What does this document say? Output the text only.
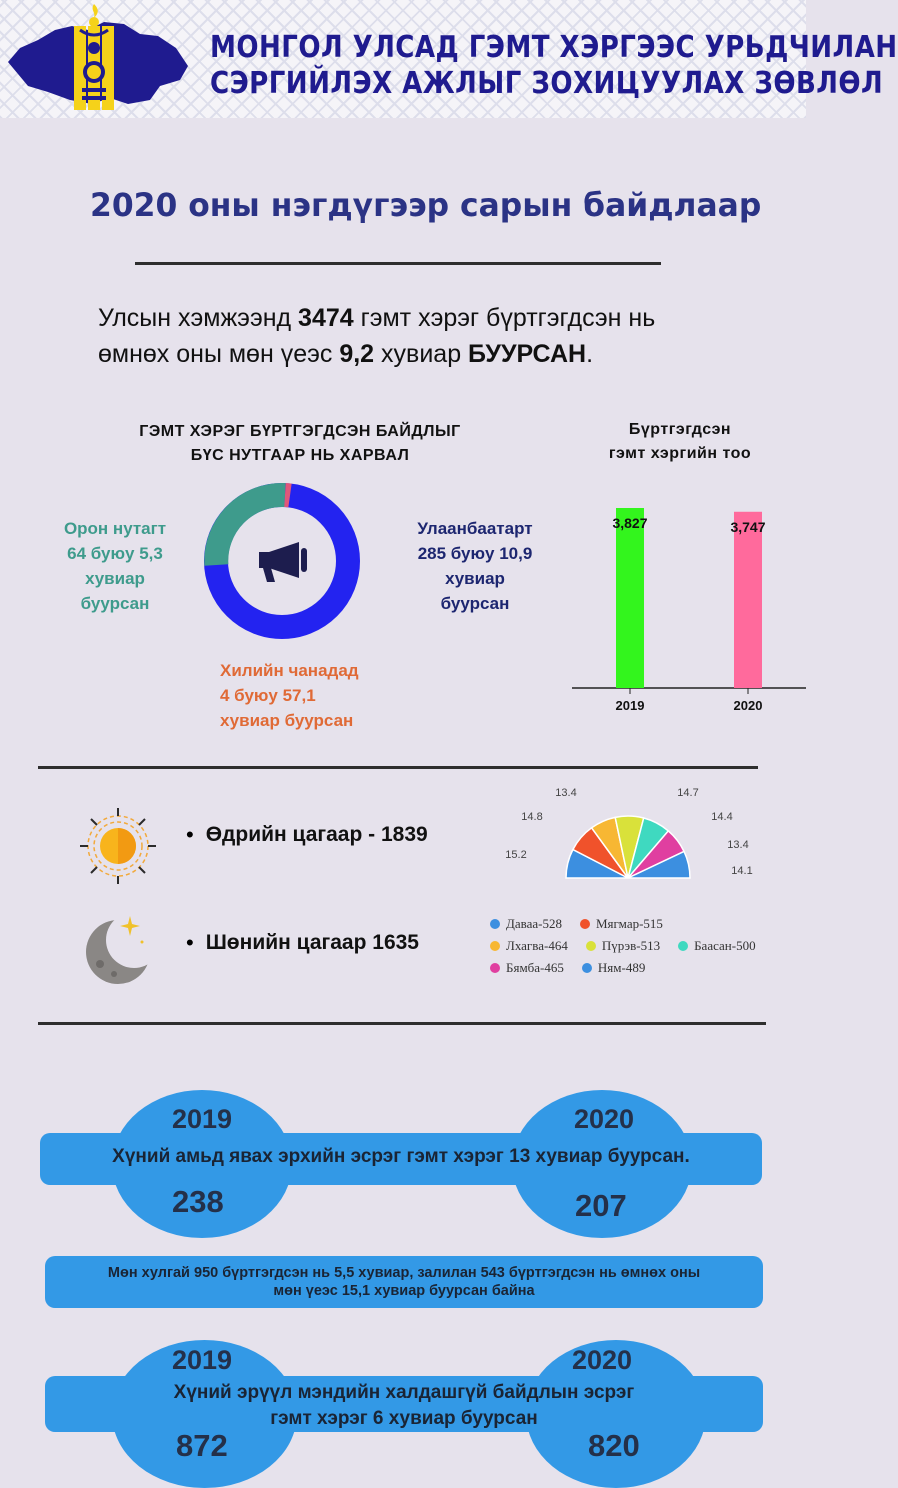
МОНГОЛ УЛСАД ГЭМТ ХЭРГЭЭС УРЬДЧИЛАН
СЭРГИЙЛЭХ АЖЛЫГ ЗОХИЦУУЛАХ ЗӨВЛӨЛ
2020 оны нэгдүгээр сарын байдлаар
Улсын хэмжээнд 3474 гэмт хэрэг бүртгэгдсэн нь өмнөх оны мөн үеэс 9,2 хувиар БУУРСАН.
ГЭМТ ХЭРЭГ БҮРТГЭГДСЭН БАЙДЛЫГ
БҮС НУТГААР НЬ ХАРВАЛ
Орон нутагт
64 буюу 5,3
хувиар
буурсан
Улаанбаатарт
285 буюу 10,9
хувиар
буурсан
Хилийн чанадад
4 буюу 57,1
хувиар буурсан
Бүртгэгдсэн
гэмт хэргийн тоо
3,827
2019
3,747
2020
• Өдрийн цагаар - 1839
• Шөнийн цагаар 1635
15.2
14.8
13.4	14.7
14.4
13.4
14.1
Даваа-528	Мягмар-515
Лхагва-464	Пүрэв-513	Баасан-500
Бямба-465	Ням-489
2019	2020
Хүний амьд явах эрхийн эсрэг гэмт хэрэг 13 хувиар буурсан.
238	207
Мөн хулгай 950 бүртгэгдсэн нь 5,5 хувиар, залилан 543 бүртгэгдсэн нь өмнөх оны
мөн үеэс 15,1 хувиар буурсан байна
2019	2020
Хүний эрүүл мэндийн халдашгүй байдлын эсрэг
гэмт хэрэг 6 хувиар буурсан
872	820
